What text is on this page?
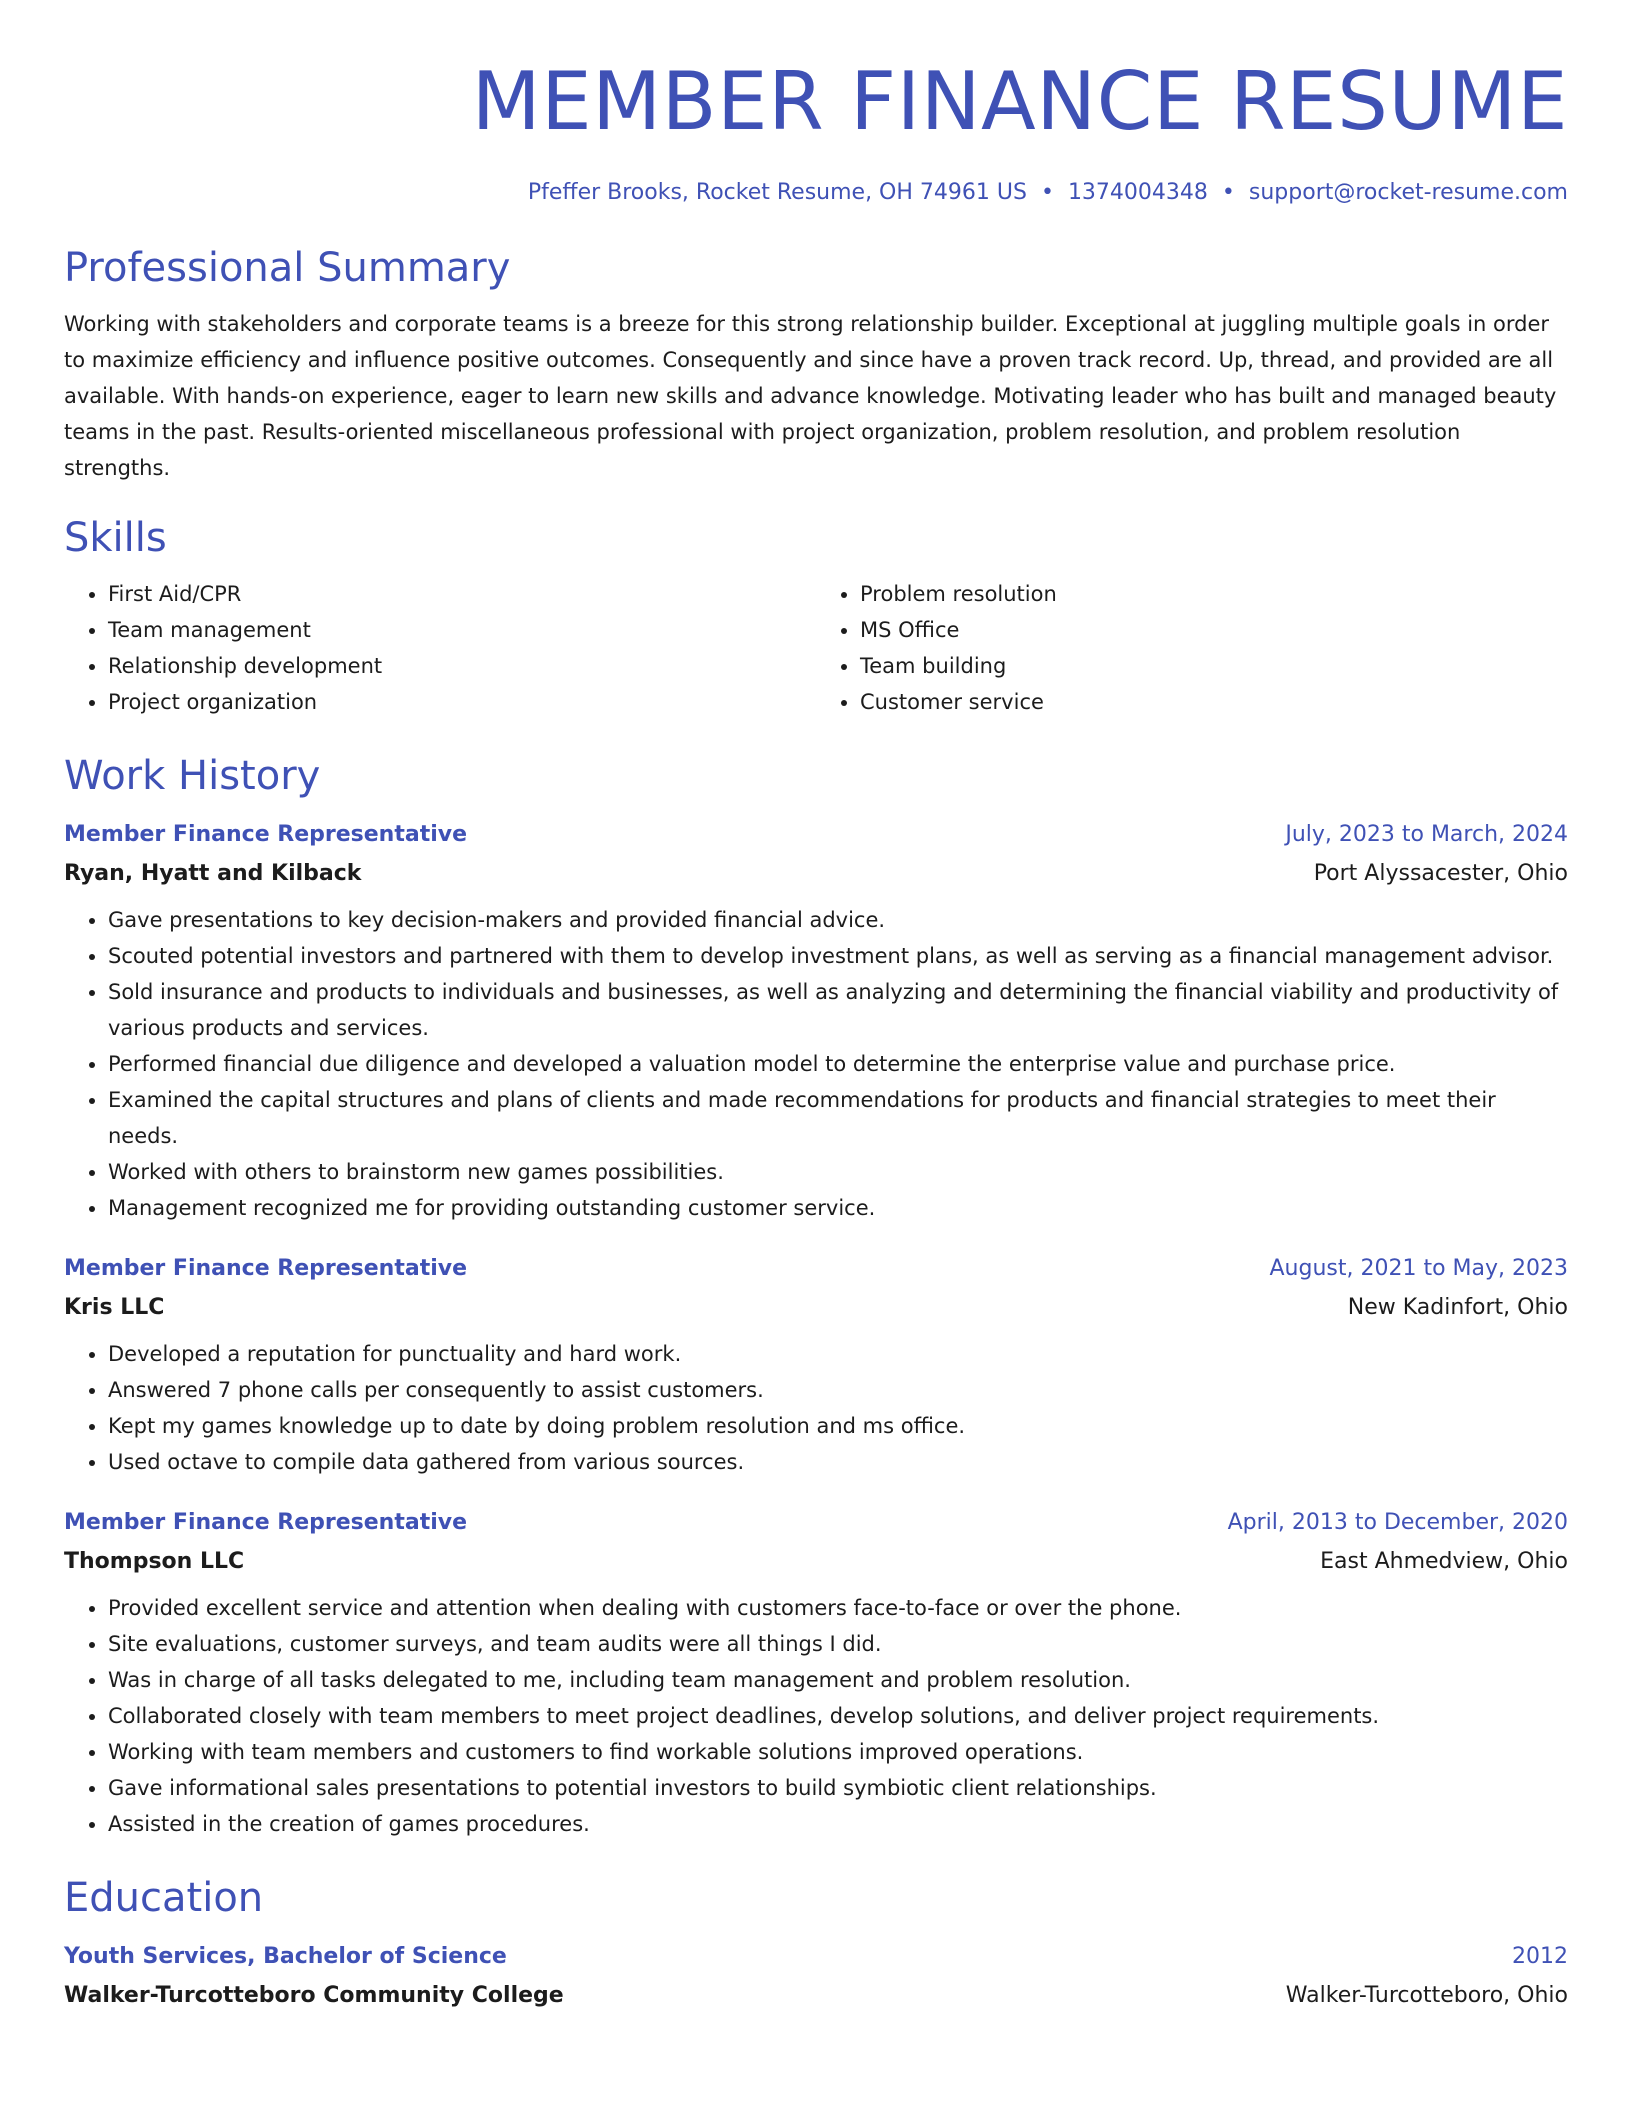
MEMBER FINANCE RESUME
Pfeffer Brooks, Rocket Resume, OH 74961 US • 1374004348 • support@rocket-resume.com
Professional Summary
Working with stakeholders and corporate teams is a breeze for this strong relationship builder. Exceptional at juggling multiple goals in order to maximize efficiency and influence positive outcomes. Consequently and since have a proven track record. Up, thread, and provided are all available. With hands-on experience, eager to learn new skills and advance knowledge. Motivating leader who has built and managed beauty teams in the past. Results-oriented miscellaneous professional with project organization, problem resolution, and problem resolution strengths.
Skills
• First Aid/CPR
• Team management
• Relationship development
• Project organization
• Problem resolution
• MS Office
• Team building
• Customer service
Work History
Member Finance Representative	July, 2023 to March, 2024
Ryan, Hyatt and Kilback	Port Alyssacester, Ohio
• Gave presentations to key decision-makers and provided financial advice.
• Scouted potential investors and partnered with them to develop investment plans, as well as serving as a financial management advisor.
• Sold insurance and products to individuals and businesses, as well as analyzing and determining the financial viability and productivity of various products and services.
• Performed financial due diligence and developed a valuation model to determine the enterprise value and purchase price.
• Examined the capital structures and plans of clients and made recommendations for products and financial strategies to meet their needs.
• Worked with others to brainstorm new games possibilities.
• Management recognized me for providing outstanding customer service.
Member Finance Representative	August, 2021 to May, 2023
Kris LLC	New Kadinfort, Ohio
• Developed a reputation for punctuality and hard work.
• Answered 7 phone calls per consequently to assist customers.
• Kept my games knowledge up to date by doing problem resolution and ms office.
• Used octave to compile data gathered from various sources.
Member Finance Representative	April, 2013 to December, 2020
Thompson LLC	East Ahmedview, Ohio
• Provided excellent service and attention when dealing with customers face-to-face or over the phone.
• Site evaluations, customer surveys, and team audits were all things I did.
• Was in charge of all tasks delegated to me, including team management and problem resolution.
• Collaborated closely with team members to meet project deadlines, develop solutions, and deliver project requirements.
• Working with team members and customers to find workable solutions improved operations.
• Gave informational sales presentations to potential investors to build symbiotic client relationships.
• Assisted in the creation of games procedures.
Education
Youth Services, Bachelor of Science	2012
Walker-Turcotteboro Community College	Walker-Turcotteboro, Ohio
